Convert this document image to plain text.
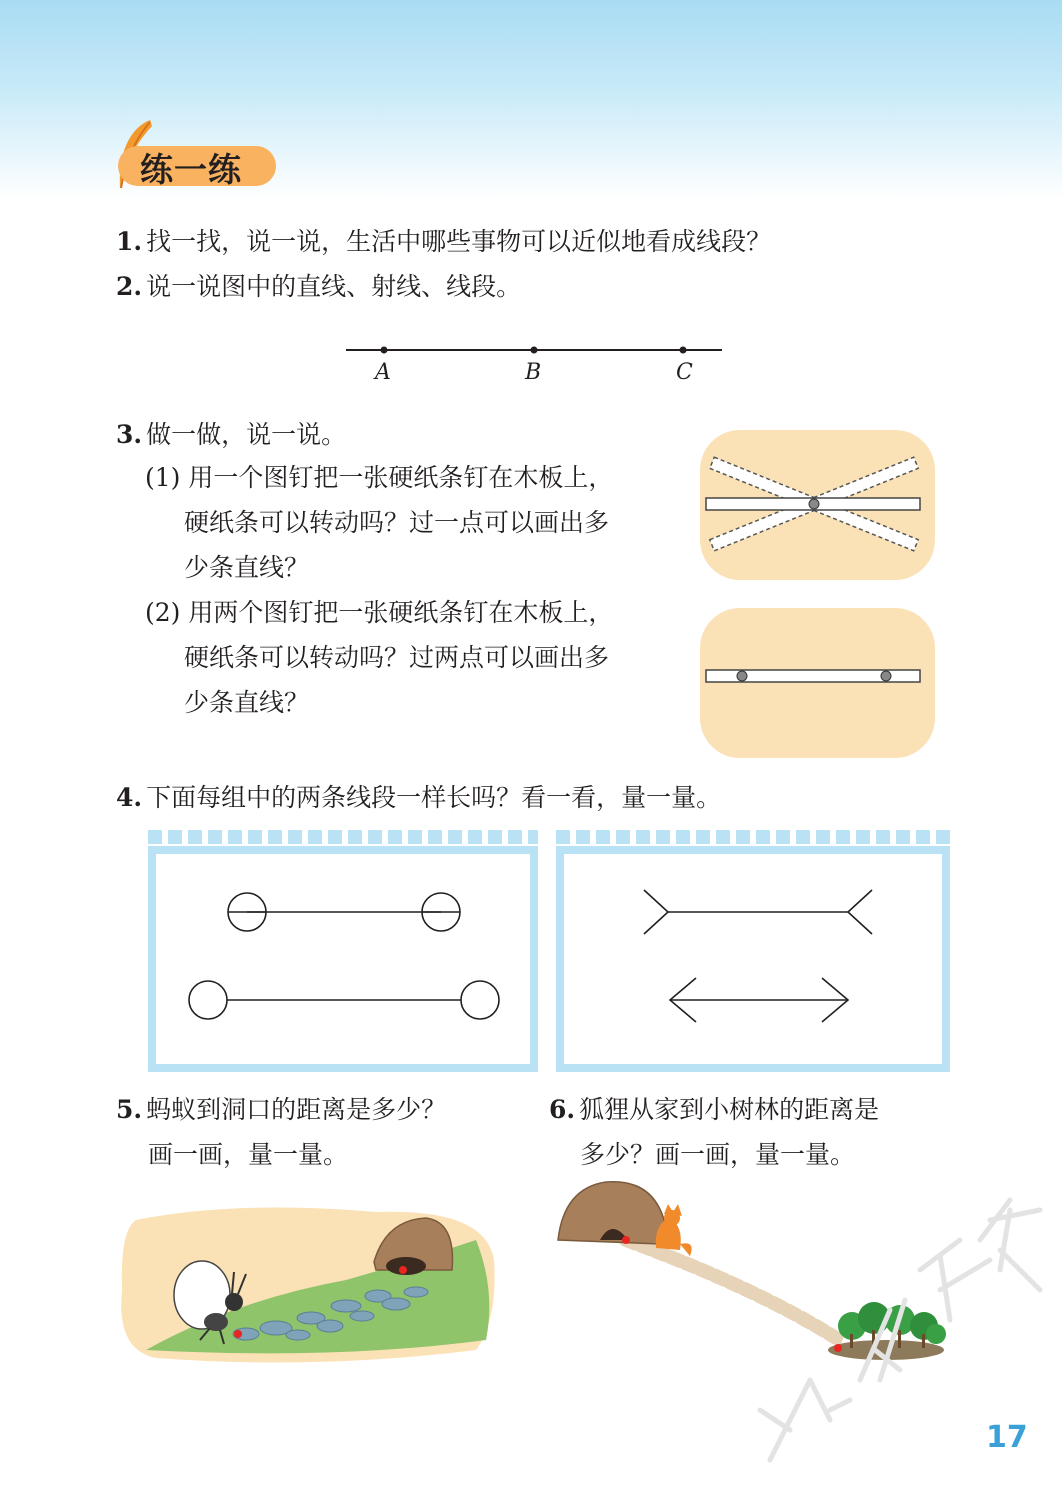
练一练
1. 找一找，说一说，生活中哪些事物可以近似地看成线段？
2. 说一说图中的直线、射线、线段。
A	B	C
3. 做一做，说一说。
(1) 用一个图钉把一张硬纸条钉在木板上，
硬纸条可以转动吗？过一点可以画出多
少条直线？
(2) 用两个图钉把一张硬纸条钉在木板上，
硬纸条可以转动吗？过两点可以画出多
少条直线？
4. 下面每组中的两条线段一样长吗？看一看，量一量。
5. 蚂蚁到洞口的距离是多少？
画一画，量一量。
6. 狐狸从家到小树林的距离是
多少？画一画，量一量。
17
